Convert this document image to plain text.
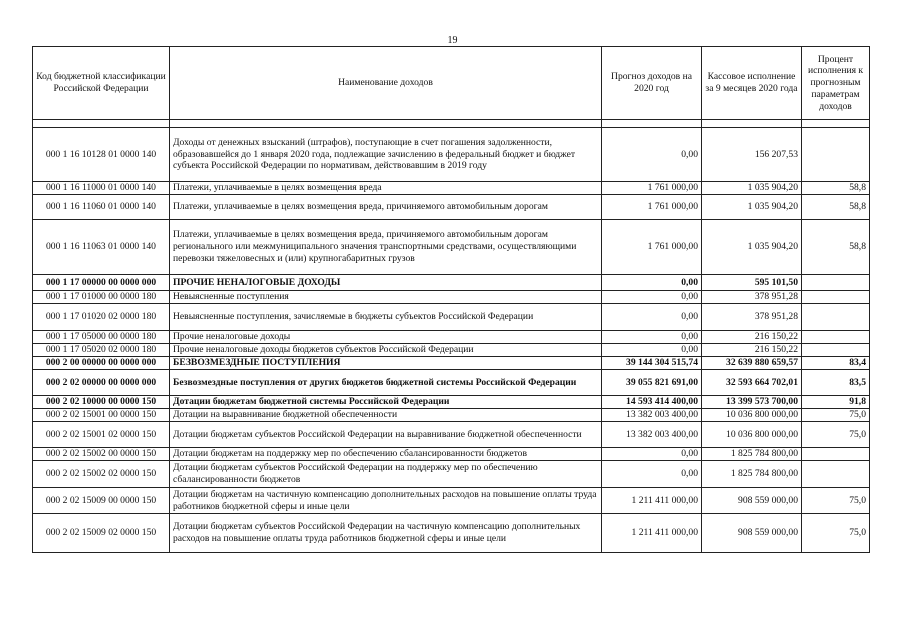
19
Код бюджетной классификации Российской Федерации	Наименование доходов	Прогноз доходов на 2020 год	Кассовое исполнение за 9 месяцев 2020 года	Процент исполнения к прогнозным параметрам доходов

000 1 16 10128 01 0000 140	Доходы от денежных взысканий (штрафов), поступающие в счет погашения задолженности, образовавшейся до 1 января 2020 года, подлежащие зачислению в федеральный бюджет и бюджет субъекта Российской Федерации по нормативам, действовавшим в 2019 году	0,00	156 207,53	
000 1 16 11000 01 0000 140	Платежи, уплачиваемые в целях возмещения вреда	1 761 000,00	1 035 904,20	58,8
000 1 16 11060 01 0000 140	Платежи, уплачиваемые в целях возмещения вреда, причиняемого автомобильным дорогам	1 761 000,00	1 035 904,20	58,8
000 1 16 11063 01 0000 140	Платежи, уплачиваемые в целях возмещения вреда, причиняемого автомобильным дорогам регионального или межмуниципального значения транспортными средствами, осуществляющими перевозки тяжеловесных и (или) крупногабаритных грузов	1 761 000,00	1 035 904,20	58,8
000 1 17 00000 00 0000 000	ПРОЧИЕ НЕНАЛОГОВЫЕ ДОХОДЫ	0,00	595 101,50	
000 1 17 01000 00 0000 180	Невыясненные поступления	0,00	378 951,28	
000 1 17 01020 02 0000 180	Невыясненные поступления, зачисляемые в бюджеты субъектов Российской Федерации	0,00	378 951,28	
000 1 17 05000 00 0000 180	Прочие неналоговые доходы	0,00	216 150,22	
000 1 17 05020 02 0000 180	Прочие неналоговые доходы бюджетов субъектов Российской Федерации	0,00	216 150,22	
000 2 00 00000 00 0000 000	БЕЗВОЗМЕЗДНЫЕ ПОСТУПЛЕНИЯ	39 144 304 515,74	32 639 880 659,57	83,4
000 2 02 00000 00 0000 000	Безвозмездные поступления от других бюджетов бюджетной системы Российской Федерации	39 055 821 691,00	32 593 664 702,01	83,5
000 2 02 10000 00 0000 150	Дотации бюджетам бюджетной системы Российской Федерации	14 593 414 400,00	13 399 573 700,00	91,8
000 2 02 15001 00 0000 150	Дотации на выравнивание бюджетной обеспеченности	13 382 003 400,00	10 036 800 000,00	75,0
000 2 02 15001 02 0000 150	Дотации бюджетам субъектов Российской Федерации на выравнивание бюджетной обеспеченности	13 382 003 400,00	10 036 800 000,00	75,0
000 2 02 15002 00 0000 150	Дотации бюджетам на поддержку мер по обеспечению сбалансированности бюджетов	0,00	1 825 784 800,00	
000 2 02 15002 02 0000 150	Дотации бюджетам субъектов Российской Федерации на поддержку мер по обеспечению сбалансированности бюджетов	0,00	1 825 784 800,00	
000 2 02 15009 00 0000 150	Дотации бюджетам на частичную компенсацию дополнительных расходов на повышение оплаты труда работников бюджетной сферы и иные цели	1 211 411 000,00	908 559 000,00	75,0
000 2 02 15009 02 0000 150	Дотации бюджетам субъектов Российской Федерации на частичную компенсацию дополнительных расходов на повышение оплаты труда работников бюджетной сферы и иные цели	1 211 411 000,00	908 559 000,00	75,0
